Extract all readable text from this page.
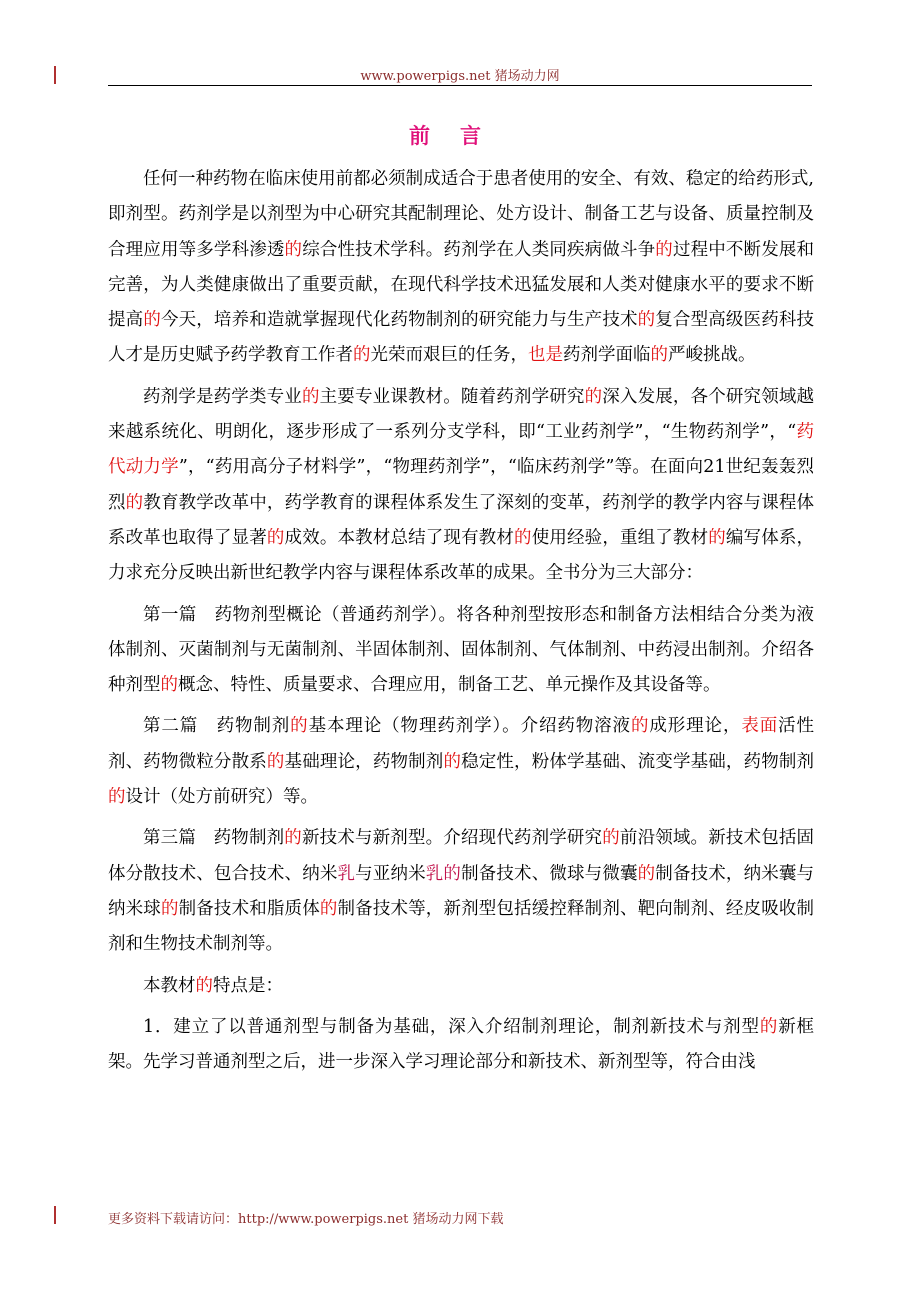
www.powerpigs.net 猪场动力网
前言

任何一种药物在临床使用前都必须制成适合于患者使用的安全、有效、稳定的给药形式,即剂型。药剂学是以剂型为中心研究其配制理论、处方设计、制备工艺与设备、质量控制及合理应用等多学科渗透的综合性技术学科。药剂学在人类同疾病做斗争的过程中不断发展和完善，为人类健康做出了重要贡献，在现代科学技术迅猛发展和人类对健康水平的要求不断提高的今天，培养和造就掌握现代化药物制剂的研究能力与生产技术的复合型高级医药科技人才是历史赋予药学教育工作者的光荣而艰巨的任务，也是药剂学面临的严峻挑战。

药剂学是药学类专业的主要专业课教材。随着药剂学研究的深入发展，各个研究领域越来越系统化、明朗化，逐步形成了一系列分支学科，即“工业药剂学”，“生物药剂学”，“药代动力学”，“药用高分子材料学”，“物理药剂学”，“临床药剂学”等。在面向21世纪轰轰烈烈的教育教学改革中，药学教育的课程体系发生了深刻的变革，药剂学的教学内容与课程体系改革也取得了显著的成效。本教材总结了现有教材的使用经验，重组了教材的编写体系，力求充分反映出新世纪教学内容与课程体系改革的成果。全书分为三大部分：

第一篇　药物剂型概论（普通药剂学）。将各种剂型按形态和制备方法相结合分类为液体制剂、灭菌制剂与无菌制剂、半固体制剂、固体制剂、气体制剂、中药浸出制剂。介绍各种剂型的概念、特性、质量要求、合理应用，制备工艺、单元操作及其设备等。

第二篇　药物制剂的基本理论（物理药剂学）。介绍药物溶液的成形理论，表面活性剂、药物微粒分散系的基础理论，药物制剂的稳定性，粉体学基础、流变学基础，药物制剂的设计（处方前研究）等。

第三篇　药物制剂的新技术与新剂型。介绍现代药剂学研究的前沿领域。新技术包括固体分散技术、包合技术、纳米乳与亚纳米乳的制备技术、微球与微囊的制备技术，纳米囊与纳米球的制备技术和脂质体的制备技术等，新剂型包括缓控释制剂、靶向制剂、经皮吸收制剂和生物技术制剂等。

本教材的特点是：

1．建立了以普通剂型与制备为基础，深入介绍制剂理论，制剂新技术与剂型的新框架。先学习普通剂型之后，进一步深入学习理论部分和新技术、新剂型等，符合由浅

更多资料下载请访问：http://www.powerpigs.net 猪场动力网下载
